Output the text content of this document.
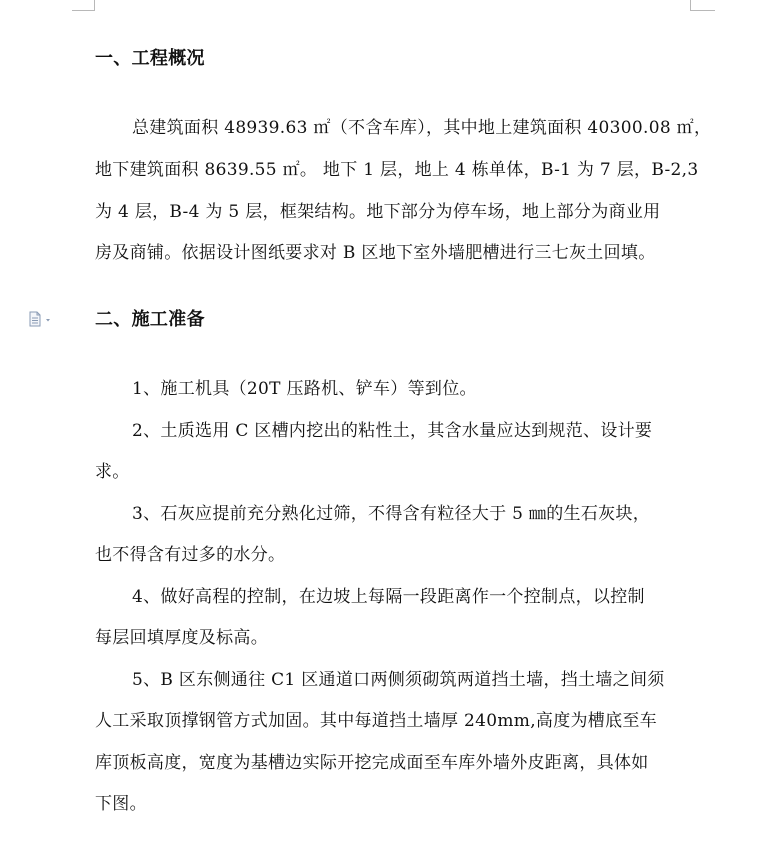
一、工程概况
总建筑面积 48939.63 ㎡（不含车库），其中地上建筑面积 40300.08 ㎡，
地下建筑面积 8639.55 ㎡。 地下 1 层，地上 4 栋单体，B-1 为 7 层，B-2,3
为 4 层，B-4 为 5 层，框架结构。地下部分为停车场，地上部分为商业用
房及商铺。依据设计图纸要求对 B 区地下室外墙肥槽进行三七灰土回填。
二、施工准备
1、施工机具（20T 压路机、铲车）等到位。
2、土质选用 C 区槽内挖出的粘性土，其含水量应达到规范、设计要
求。
3、石灰应提前充分熟化过筛，不得含有粒径大于 5 ㎜的生石灰块，
也不得含有过多的水分。
4、做好高程的控制，在边坡上每隔一段距离作一个控制点，以控制
每层回填厚度及标高。
5、B 区东侧通往 C1 区通道口两侧须砌筑两道挡土墙，挡土墙之间须
人工采取顶撑钢管方式加固。其中每道挡土墙厚 240mm,高度为槽底至车
库顶板高度，宽度为基槽边实际开挖完成面至车库外墙外皮距离，具体如
下图。
